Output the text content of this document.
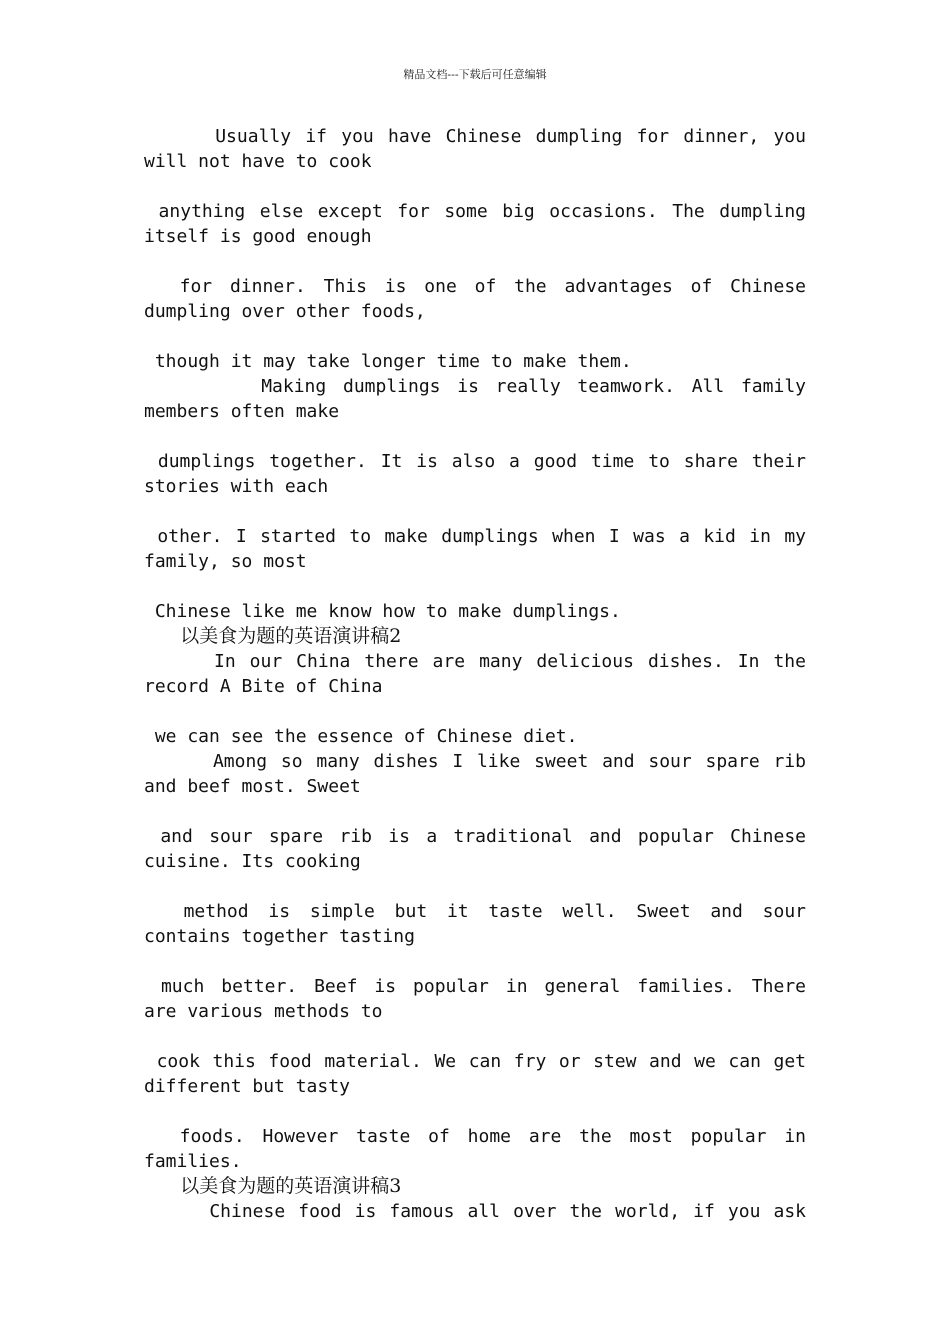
精品文档---下载后可任意编辑
Usually if you have Chinese dumpling for dinner, you
will not have to cook
anything else except for some big occasions. The dumpling
itself is good enough
for dinner. This is one of the advantages of Chinese
dumpling over other foods,
though it may take longer time to make them.
Making dumplings is really teamwork. All family
members often make
dumplings together. It is also a good time to share their
stories with each
other. I started to make dumplings when I was a kid in my
family, so most
Chinese like me know how to make dumplings.
以美食为题的英语演讲稿2
In our China there are many delicious dishes. In the
record A Bite of China
we can see the essence of Chinese diet.
Among so many dishes I like sweet and sour spare rib
and beef most. Sweet
and sour spare rib is a traditional and popular Chinese
cuisine. Its cooking
method is simple but it taste well. Sweet and sour
contains together tasting
much better. Beef is popular in general families. There
are various methods to
cook this food material. We can fry or stew and we can get
different but tasty
foods. However taste of home are the most popular in
families.
以美食为题的英语演讲稿3
Chinese food is famous all over the world, if you ask
